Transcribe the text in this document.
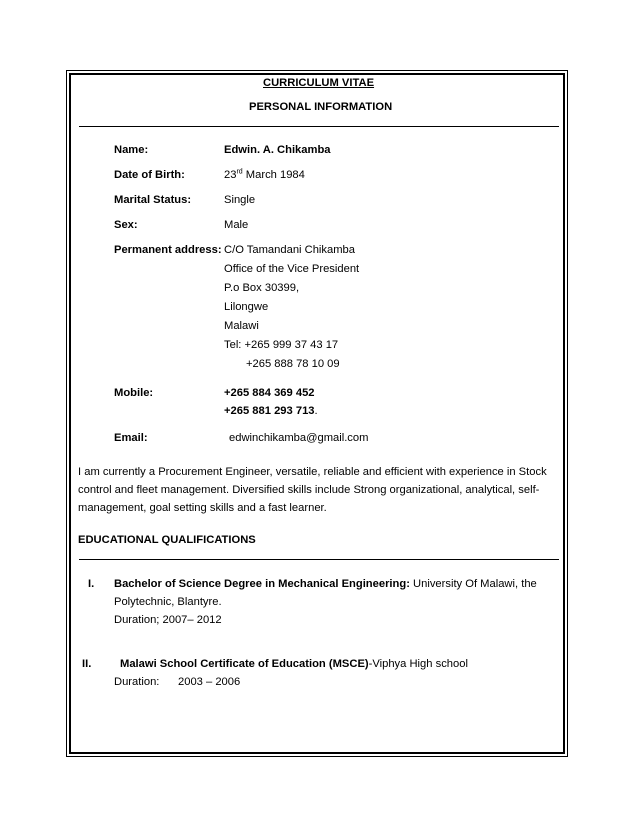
CURRICULUM VITAE
PERSONAL INFORMATION
Name:	Edwin. A. Chikamba
Date of Birth:	23rd March 1984
Marital Status:	Single
Sex:	Male
Permanent address: C/O Tamandani Chikamba
Office of the Vice President
P.o Box 30399,
Lilongwe
Malawi
Tel: +265 999 37 43 17
+265 888 78 10 09
Mobile:	+265 884 369 452
+265 881 293 713.
Email:	edwinchikamba@gmail.com
I am currently a Procurement Engineer, versatile, reliable and efficient with experience in Stock
control and fleet management. Diversified skills include Strong organizational, analytical, self-
management, goal setting skills and a fast learner.
EDUCATIONAL QUALIFICATIONS
I. Bachelor of Science Degree in Mechanical Engineering: University Of Malawi, the
Polytechnic, Blantyre.
Duration; 2007– 2012
II.	Malawi School Certificate of Education (MSCE)-Viphya High school
Duration: 2003 – 2006
